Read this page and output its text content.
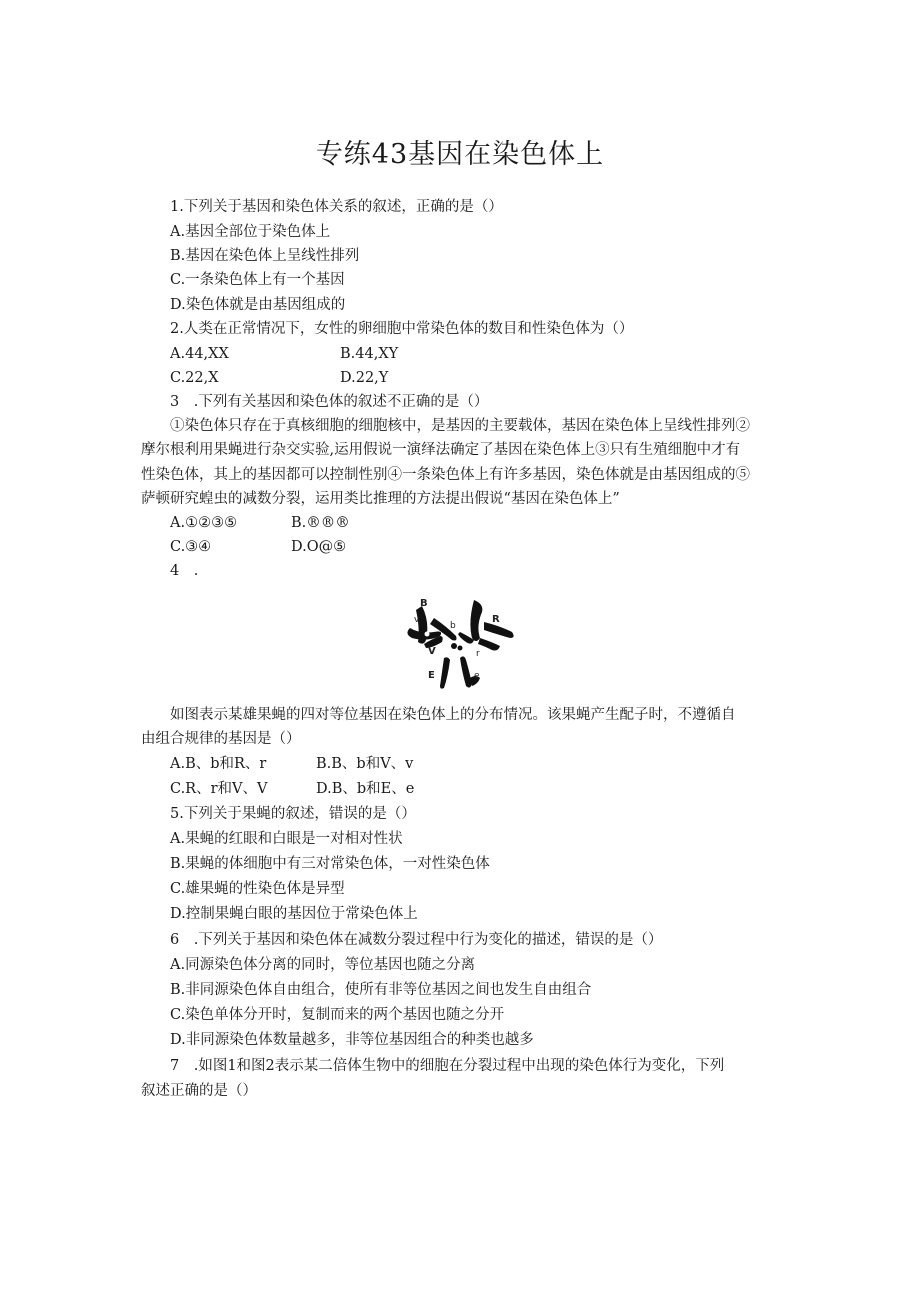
专练43基因在染色体上
1.下列关于基因和染色体关系的叙述，正确的是（）
A.基因全部位于染色体上
B.基因在染色体上呈线性排列
C.一条染色体上有一个基因
D.染色体就是由基因组成的
2.人类在正常情况下，女性的卵细胞中常染色体的数目和性染色体为（）
A.44,XX	B.44,XY
C.22,X	D.22,Y
3　.下列有关基因和染色体的叙述不正确的是（）
①染色体只存在于真核细胞的细胞核中，是基因的主要载体，基因在染色体上呈线性排列②
摩尔根利用果蝇进行杂交实验,运用假说一演绎法确定了基因在染色体上③只有生殖细胞中才有
性染色体，其上的基因都可以控制性别④一条染色体上有许多基因，染色体就是由基因组成的⑤
萨顿研究蝗虫的减数分裂，运用类比推理的方法提出假说“基因在染色体上”
A.①②③⑤	B.®®®
C.③④	D.O@⑤
4　.
B
v
b
R
V	r
E	e
如图表示某雄果蝇的四对等位基因在染色体上的分布情况。该果蝇产生配子时，不遵循自
由组合规律的基因是（）
A.B、b和R、r	B.B、b和V、v
C.R、r和V、V	D.B、b和E、e
5.下列关于果蝇的叙述，错误的是（）
A.果蝇的红眼和白眼是一对相对性状
B.果蝇的体细胞中有三对常染色体，一对性染色体
C.雄果蝇的性染色体是异型
D.控制果蝇白眼的基因位于常染色体上
6　.下列关于基因和染色体在减数分裂过程中行为变化的描述，错误的是（）
A.同源染色体分离的同时，等位基因也随之分离
B.非同源染色体自由组合，使所有非等位基因之间也发生自由组合
C.染色单体分开时，复制而来的两个基因也随之分开
D.非同源染色体数量越多，非等位基因组合的种类也越多
7　.如图1和图2表示某二倍体生物中的细胞在分裂过程中出现的染色体行为变化，下列
叙述正确的是（）
